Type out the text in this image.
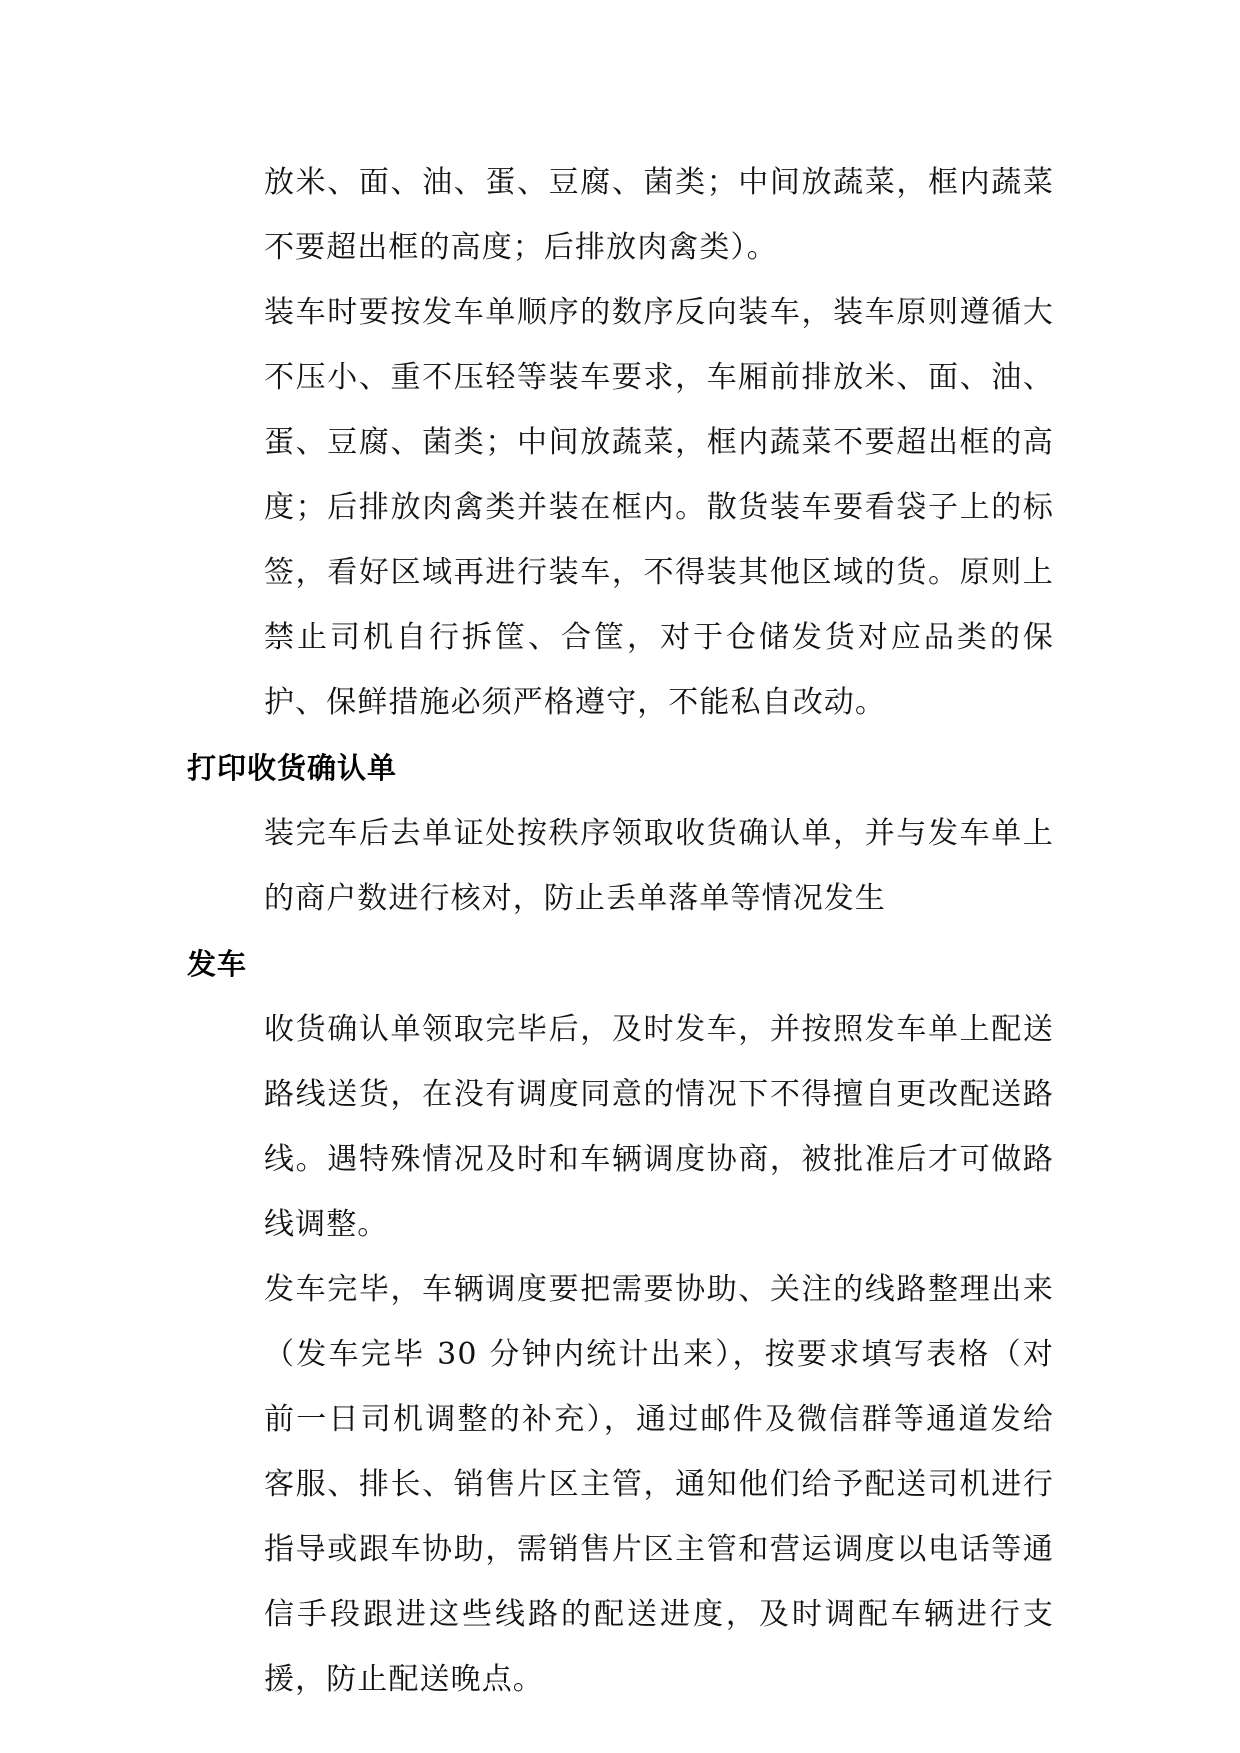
放米、面、油、蛋、豆腐、菌类；中间放蔬菜，框内蔬菜不要超出框的高度；后排放肉禽类）。

装车时要按发车单顺序的数序反向装车，装车原则遵循大不压小、重不压轻等装车要求，车厢前排放米、面、油、蛋、豆腐、菌类；中间放蔬菜，框内蔬菜不要超出框的高度；后排放肉禽类并装在框内。散货装车要看袋子上的标签，看好区域再进行装车，不得装其他区域的货。原则上禁止司机自行拆筐、合筐，对于仓储发货对应品类的保护、保鲜措施必须严格遵守，不能私自改动。

打印收货确认单

装完车后去单证处按秩序领取收货确认单，并与发车单上的商户数进行核对，防止丢单落单等情况发生

发车

收货确认单领取完毕后，及时发车，并按照发车单上配送路线送货，在没有调度同意的情况下不得擅自更改配送路线。遇特殊情况及时和车辆调度协商，被批准后才可做路线调整。

发车完毕，车辆调度要把需要协助、关注的线路整理出来（发车完毕 30 分钟内统计出来），按要求填写表格（对前一日司机调整的补充），通过邮件及微信群等通道发给客服、排长、销售片区主管，通知他们给予配送司机进行指导或跟车协助，需销售片区主管和营运调度以电话等通信手段跟进这些线路的配送进度，及时调配车辆进行支援，防止配送晚点。
